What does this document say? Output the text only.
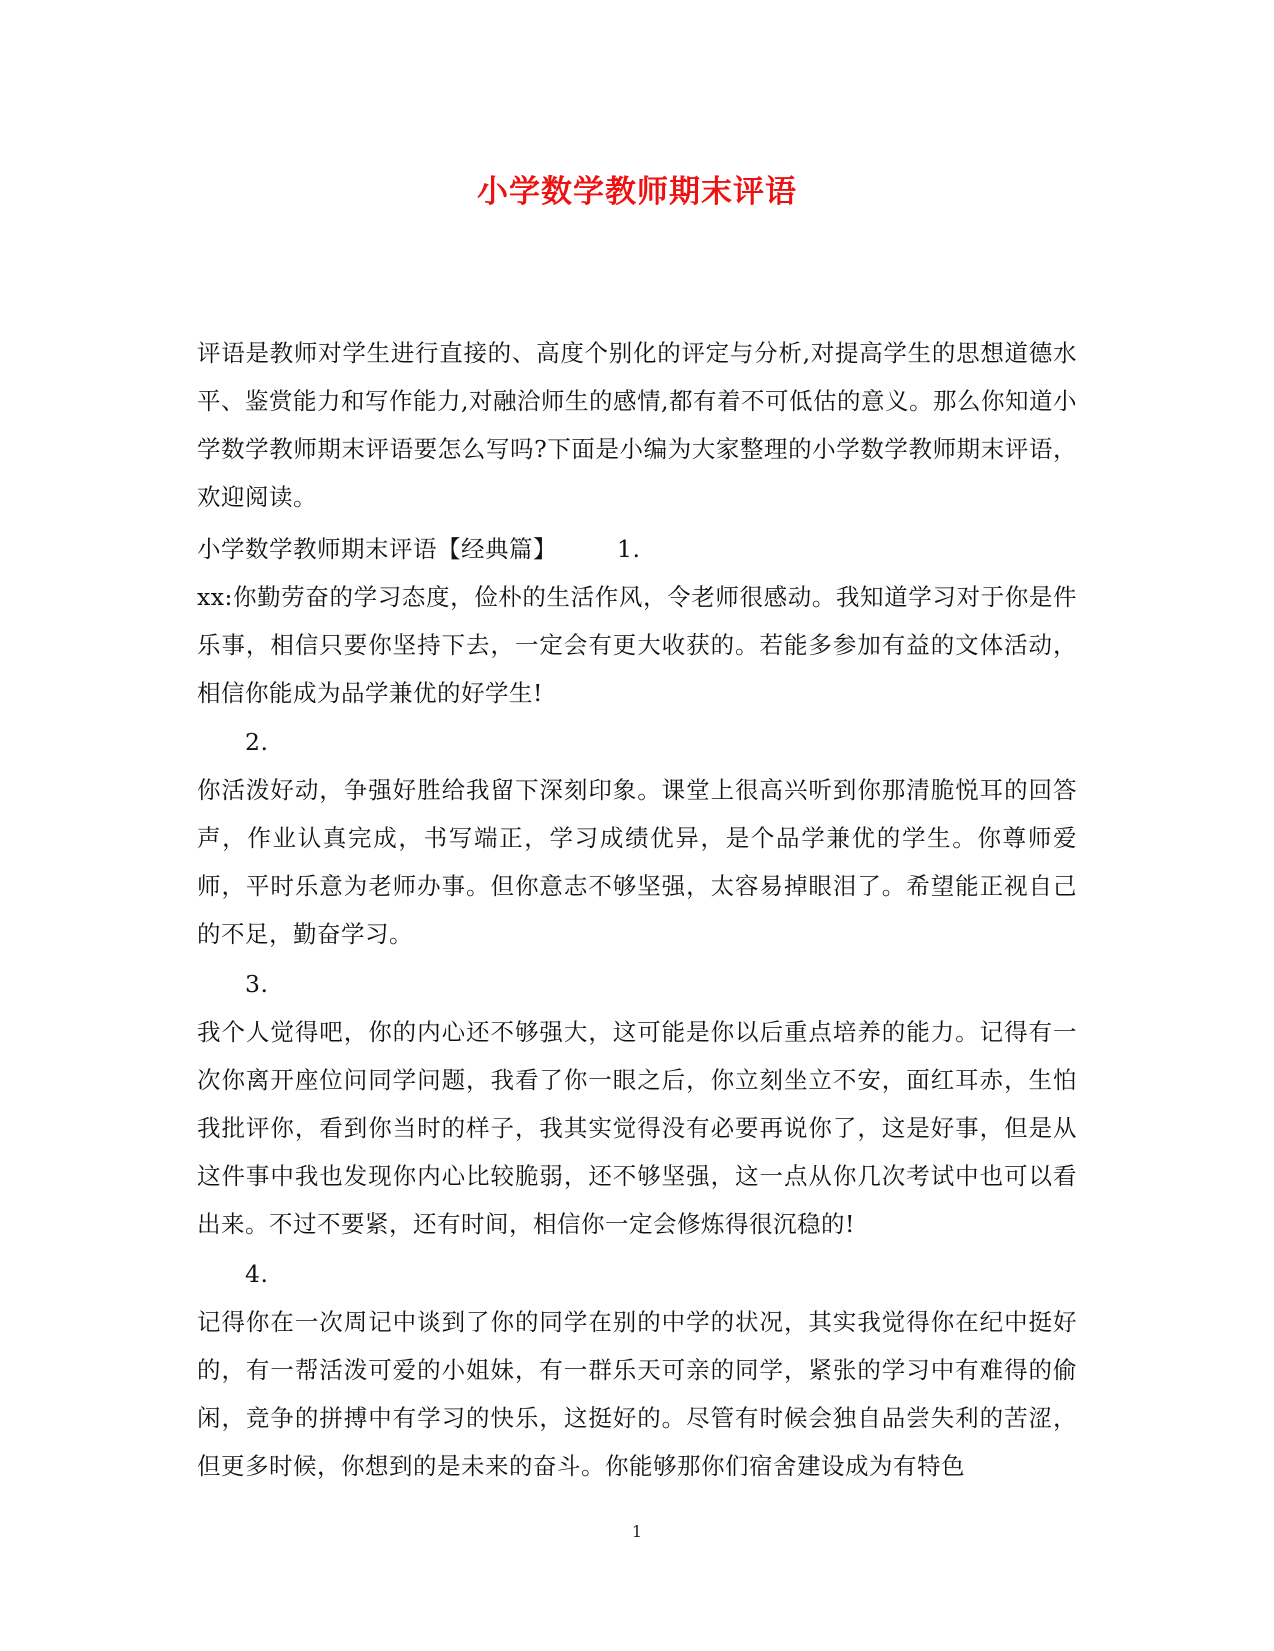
小学数学教师期末评语

评语是教师对学生进行直接的、高度个别化的评定与分析,对提高学生的思想道德水平、鉴赏能力和写作能力,对融洽师生的感情,都有着不可低估的意义。那么你知道小学数学教师期末评语要怎么写吗?下面是小编为大家整理的小学数学教师期末评语，欢迎阅读。

小学数学教师期末评语【经典篇】	1.

xx:你勤劳奋的学习态度，俭朴的生活作风，令老师很感动。我知道学习对于你是件乐事，相信只要你坚持下去，一定会有更大收获的。若能多参加有益的文体活动，相信你能成为品学兼优的好学生!

2.

你活泼好动，争强好胜给我留下深刻印象。课堂上很高兴听到你那清脆悦耳的回答声，作业认真完成，书写端正，学习成绩优异，是个品学兼优的学生。你尊师爱师，平时乐意为老师办事。但你意志不够坚强，太容易掉眼泪了。希望能正视自己的不足，勤奋学习。

3.

我个人觉得吧，你的内心还不够强大，这可能是你以后重点培养的能力。记得有一次你离开座位问同学问题，我看了你一眼之后，你立刻坐立不安，面红耳赤，生怕我批评你，看到你当时的样子，我其实觉得没有必要再说你了，这是好事，但是从这件事中我也发现你内心比较脆弱，还不够坚强，这一点从你几次考试中也可以看出来。不过不要紧，还有时间，相信你一定会修炼得很沉稳的!

4.

记得你在一次周记中谈到了你的同学在别的中学的状况，其实我觉得你在纪中挺好的，有一帮活泼可爱的小姐妹，有一群乐天可亲的同学，紧张的学习中有难得的偷闲，竞争的拼搏中有学习的快乐，这挺好的。尽管有时候会独自品尝失利的苦涩，但更多时候，你想到的是未来的奋斗。你能够那你们宿舍建设成为有特色

1
